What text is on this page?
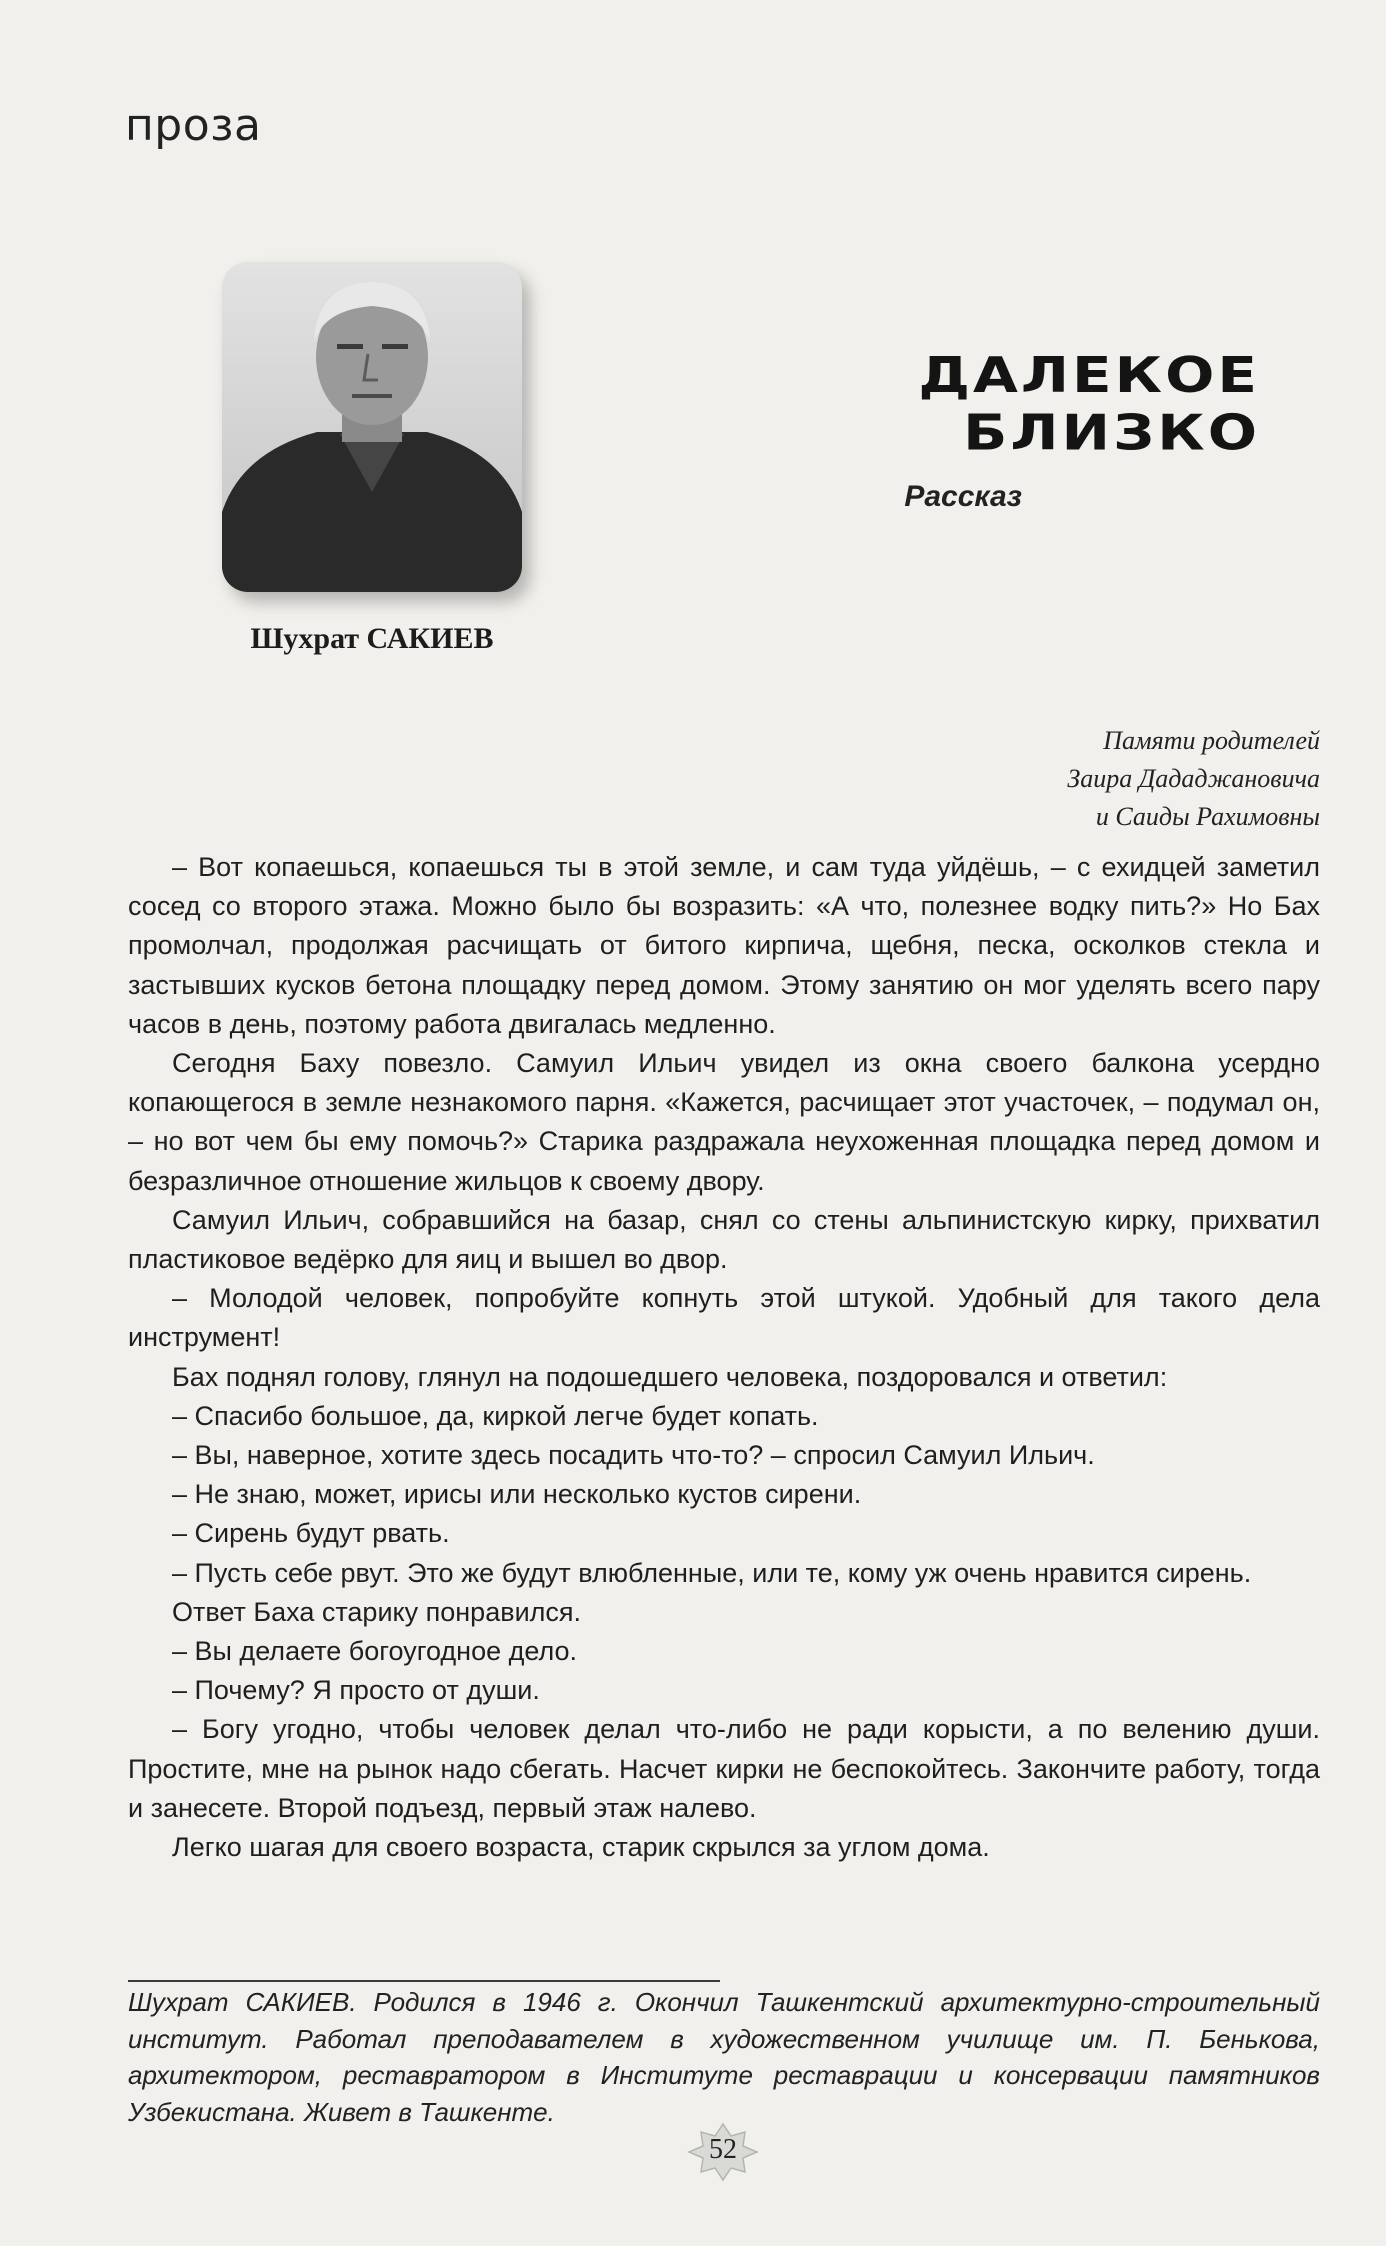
проза
Шухрат САКИЕВ
ДАЛЕКОЕ БЛИЗКО
Рассказ
Памяти родителей
Заира Дададжановича
и Саиды Рахимовны

– Вот копаешься, копаешься ты в этой земле, и сам туда уйдёшь, – с ехидцей заметил сосед со второго этажа. Можно было бы возразить: «А что, полезнее водку пить?» Но Бах промолчал, продолжая расчищать от битого кирпича, щебня, песка, осколков стекла и застывших кусков бетона площадку перед домом. Этому занятию он мог уделять всего пару часов в день, поэтому работа двигалась медленно.

Сегодня Баху повезло. Самуил Ильич увидел из окна своего балкона усердно копающегося в земле незнакомого парня. «Кажется, расчищает этот участочек, – подумал он, – но вот чем бы ему помочь?» Старика раздражала неухоженная площадка перед домом и безразличное отношение жильцов к своему двору.

Самуил Ильич, собравшийся на базар, снял со стены альпинистскую кирку, прихватил пластиковое ведёрко для яиц и вышел во двор.

– Молодой человек, попробуйте копнуть этой штукой. Удобный для такого дела инструмент!

Бах поднял голову, глянул на подошедшего человека, поздоровался и ответил:

– Спасибо большое, да, киркой легче будет копать.

– Вы, наверное, хотите здесь посадить что-то? – спросил Самуил Ильич.

– Не знаю, может, ирисы или несколько кустов сирени.

– Сирень будут рвать.

– Пусть себе рвут. Это же будут влюбленные, или те, кому уж очень нравится сирень.

Ответ Баха старику понравился.

– Вы делаете богоугодное дело.

– Почему? Я просто от души.

– Богу угодно, чтобы человек делал что-либо не ради корысти, а по велению души. Простите, мне на рынок надо сбегать. Насчет кирки не беспокойтесь. Закончите работу, тогда и занесете. Второй подъезд, первый этаж налево.

Легко шагая для своего возраста, старик скрылся за углом дома.

Шухрат САКИЕВ. Родился в 1946 г. Окончил Ташкентский архитектурно-строительный институт. Работал преподавателем в художественном училище им. П. Бенькова, архитектором, реставратором в Институте реставрации и консервации памятников Узбекистана. Живет в Ташкенте.
52
